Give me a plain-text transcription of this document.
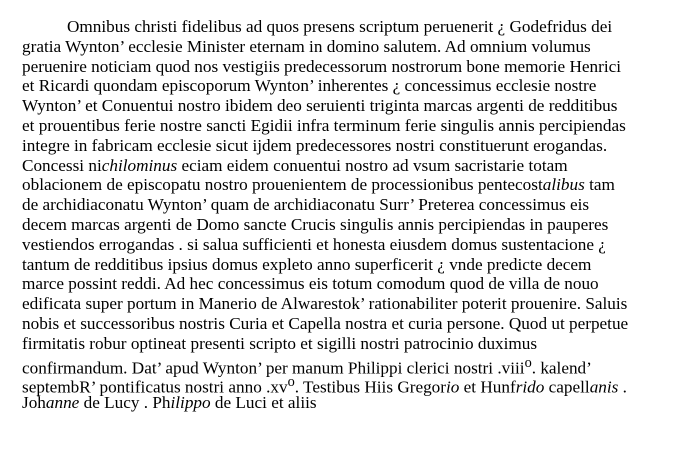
Omnibus christi fidelibus ad quos presens scriptum peruenerit ¿ Godefridus dei
gratia Wynton’ ecclesie Minister eternam in domino salutem. Ad omnium volumus
peruenire noticiam quod nos vestigiis predecessorum nostrorum bone memorie Henrici
et Ricardi quondam episcoporum Wynton’ inherentes ¿ concessimus ecclesie nostre
Wynton’ et Conuentui nostro ibidem deo seruienti triginta marcas argenti de redditibus
et prouentibus ferie nostre sancti Egidii infra terminum ferie singulis annis percipiendas
integre in fabricam ecclesie sicut ijdem predecessores nostri constituerunt erogandas.
Concessi nichilominus eciam eidem conuentui nostro ad vsum sacristarie totam
oblacionem de episcopatu nostro prouenientem de processionibus pentecostalibus tam
de archidiaconatu Wynton’ quam de archidiaconatu Surr’ Preterea concessimus eis
decem marcas argenti de Domo sancte Crucis singulis annis percipiendas in pauperes
vestiendos errogandas . si salua sufficienti et honesta eiusdem domus sustentacione ¿
tantum de redditibus ipsius domus expleto anno superficerit ¿ vnde predicte decem
marce possint reddi. Ad hec concessimus eis totum comodum quod de villa de nouo
edificata super portum in Manerio de Alwarestok’ rationabiliter poterit prouenire. Saluis
nobis et successoribus nostris Curia et Capella nostra et curia persone. Quod ut perpetue
firmitatis robur optineat presenti scripto et sigilli nostri patrocinio duximus
confirmandum. Dat’ apud Wynton’ per manum Philippi clerici nostri .viii$^o$. kalend’
septembR’ pontificatus nostri anno $.xv^o$. Testibus Hiis Gregorio et Hunfrido capellanis .
Johanne de Lucy . Philippo de Luci et aliis
